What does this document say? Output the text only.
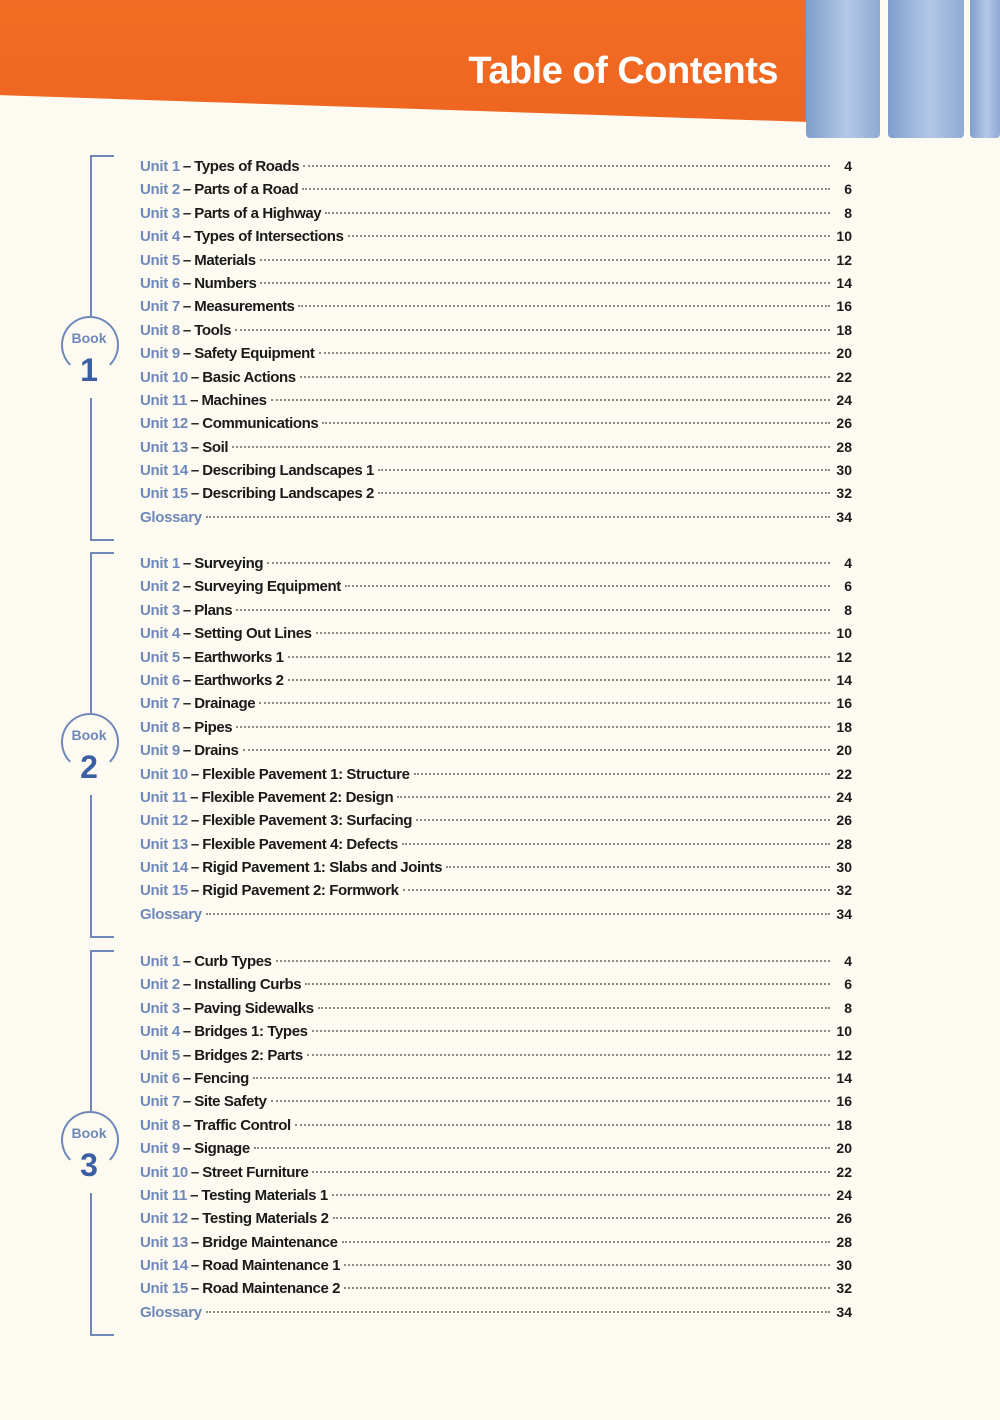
Table of Contents
Book
1
Unit 1 – Types of Roads	4
Unit 2 – Parts of a Road	6
Unit 3 – Parts of a Highway	8
Unit 4 – Types of Intersections	10
Unit 5 – Materials	12
Unit 6 – Numbers	14
Unit 7 – Measurements	16
Unit 8 – Tools	18
Unit 9 – Safety Equipment	20
Unit 10 – Basic Actions	22
Unit 11 – Machines	24
Unit 12 – Communications	26
Unit 13 – Soil	28
Unit 14 – Describing Landscapes 1	30
Unit 15 – Describing Landscapes 2	32
Glossary	34
Book
2
Unit 1 – Surveying	4
Unit 2 – Surveying Equipment	6
Unit 3 – Plans	8
Unit 4 – Setting Out Lines	10
Unit 5 – Earthworks 1	12
Unit 6 – Earthworks 2	14
Unit 7 – Drainage	16
Unit 8 – Pipes	18
Unit 9 – Drains	20
Unit 10 – Flexible Pavement 1: Structure	22
Unit 11 – Flexible Pavement 2: Design	24
Unit 12 – Flexible Pavement 3: Surfacing	26
Unit 13 – Flexible Pavement 4: Defects	28
Unit 14 – Rigid Pavement 1: Slabs and Joints	30
Unit 15 – Rigid Pavement 2: Formwork	32
Glossary	34
Book
3
Unit 1 – Curb Types	4
Unit 2 – Installing Curbs	6
Unit 3 – Paving Sidewalks	8
Unit 4 – Bridges 1: Types	10
Unit 5 – Bridges 2: Parts	12
Unit 6 – Fencing	14
Unit 7 – Site Safety	16
Unit 8 – Traffic Control	18
Unit 9 – Signage	20
Unit 10 – Street Furniture	22
Unit 11 – Testing Materials 1	24
Unit 12 – Testing Materials 2	26
Unit 13 – Bridge Maintenance	28
Unit 14 – Road Maintenance 1	30
Unit 15 – Road Maintenance 2	32
Glossary	34
